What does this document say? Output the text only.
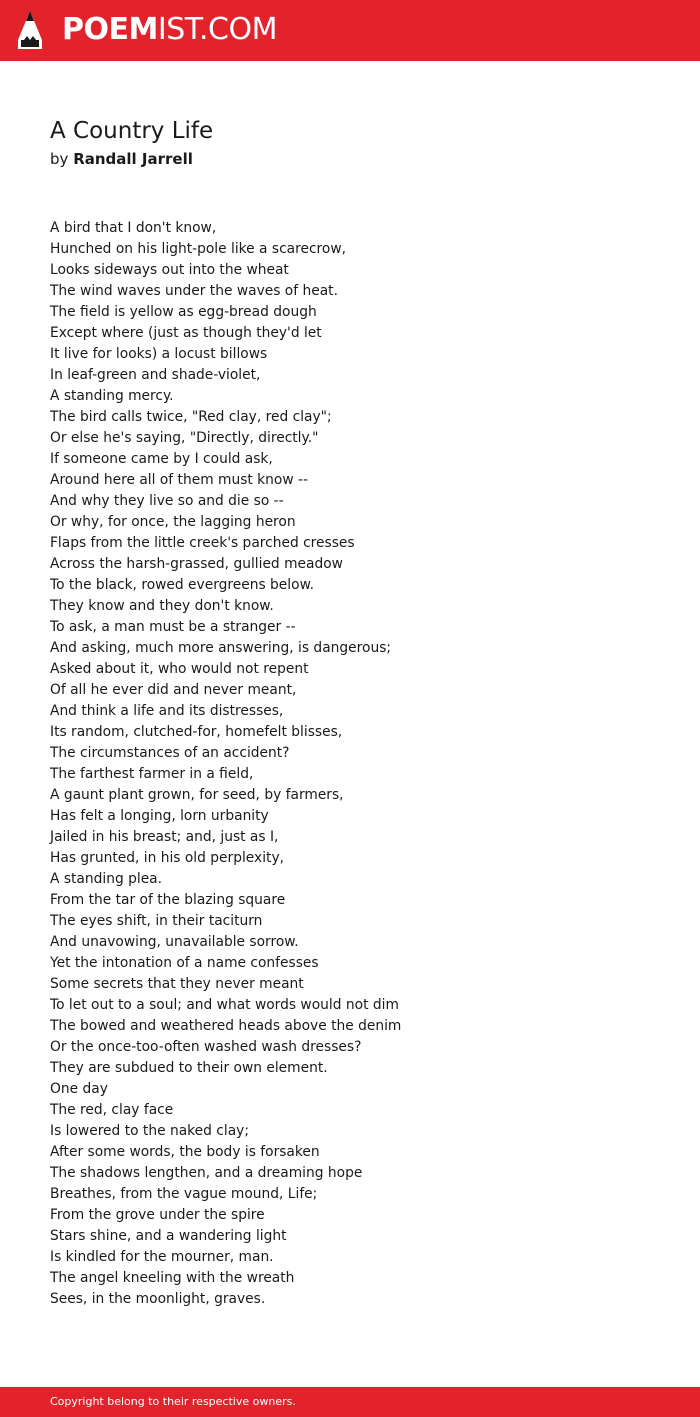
POEMIST.COM
A Country Life
by Randall Jarrell
A bird that I don't know,
Hunched on his light-pole like a scarecrow,
Looks sideways out into the wheat
The wind waves under the waves of heat.
The field is yellow as egg-bread dough
Except where (just as though they'd let
It live for looks) a locust billows
In leaf-green and shade-violet,
A standing mercy.
The bird calls twice, "Red clay, red clay";
Or else he's saying, "Directly, directly."
If someone came by I could ask,
Around here all of them must know --
And why they live so and die so --
Or why, for once, the lagging heron
Flaps from the little creek's parched cresses
Across the harsh-grassed, gullied meadow
To the black, rowed evergreens below.
They know and they don't know.
To ask, a man must be a stranger --
And asking, much more answering, is dangerous;
Asked about it, who would not repent
Of all he ever did and never meant,
And think a life and its distresses,
Its random, clutched-for, homefelt blisses,
The circumstances of an accident?
The farthest farmer in a field,
A gaunt plant grown, for seed, by farmers,
Has felt a longing, lorn urbanity
Jailed in his breast; and, just as I,
Has grunted, in his old perplexity,
A standing plea.
From the tar of the blazing square
The eyes shift, in their taciturn
And unavowing, unavailable sorrow.
Yet the intonation of a name confesses
Some secrets that they never meant
To let out to a soul; and what words would not dim
The bowed and weathered heads above the denim
Or the once-too-often washed wash dresses?
They are subdued to their own element.
One day
The red, clay face
Is lowered to the naked clay;
After some words, the body is forsaken
The shadows lengthen, and a dreaming hope
Breathes, from the vague mound, Life;
From the grove under the spire
Stars shine, and a wandering light
Is kindled for the mourner, man.
The angel kneeling with the wreath
Sees, in the moonlight, graves.
Copyright belong to their respective owners.
